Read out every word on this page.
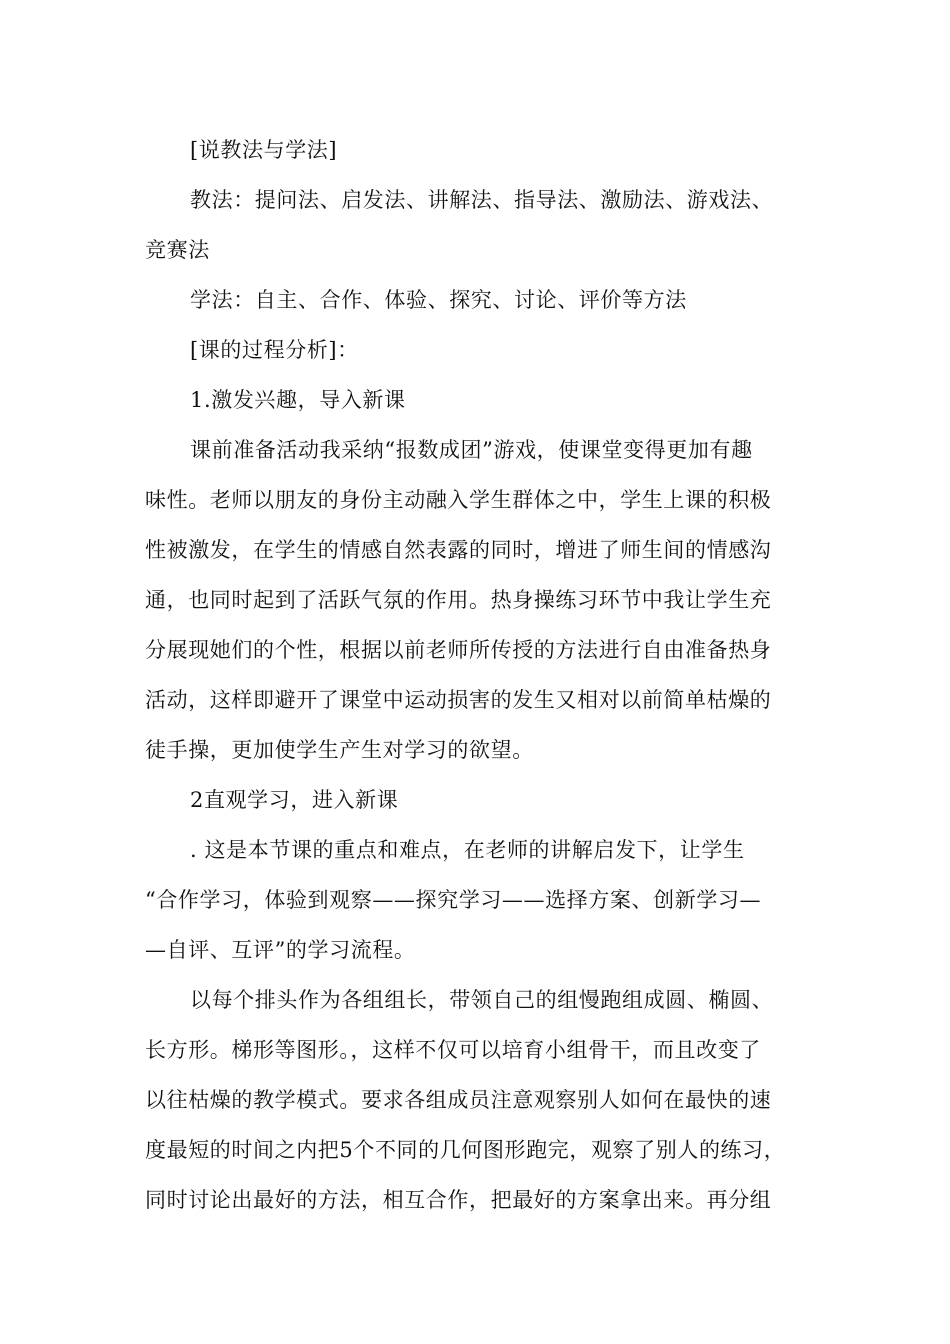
[说教法与学法]
教法：提问法、启发法、讲解法、指导法、激励法、游戏法、
竞赛法
学法：自主、合作、体验、探究、讨论、评价等方法
[课的过程分析]：
1.激发兴趣，导入新课
课前准备活动我采纳“报数成团”游戏，使课堂变得更加有趣
味性。老师以朋友的身份主动融入学生群体之中，学生上课的积极
性被激发，在学生的情感自然表露的同时，增进了师生间的情感沟
通，也同时起到了活跃气氛的作用。热身操练习环节中我让学生充
分展现她们的个性，根据以前老师所传授的方法进行自由准备热身
活动，这样即避开了课堂中运动损害的发生又相对以前简单枯燥的
徒手操，更加使学生产生对学习的欲望。
2直观学习，进入新课
. 这是本节课的重点和难点，在老师的讲解启发下，让学生
“合作学习，体验到观察——探究学习——选择方案、创新学习—
—自评、互评”的学习流程。
以每个排头作为各组组长，带领自己的组慢跑组成圆、椭圆、
长方形。梯形等图形。，这样不仅可以培育小组骨干，而且改变了
以往枯燥的教学模式。要求各组成员注意观察别人如何在最快的速
度最短的时间之内把5个不同的几何图形跑完，观察了别人的练习，
同时讨论出最好的方法，相互合作，把最好的方案拿出来。再分组
